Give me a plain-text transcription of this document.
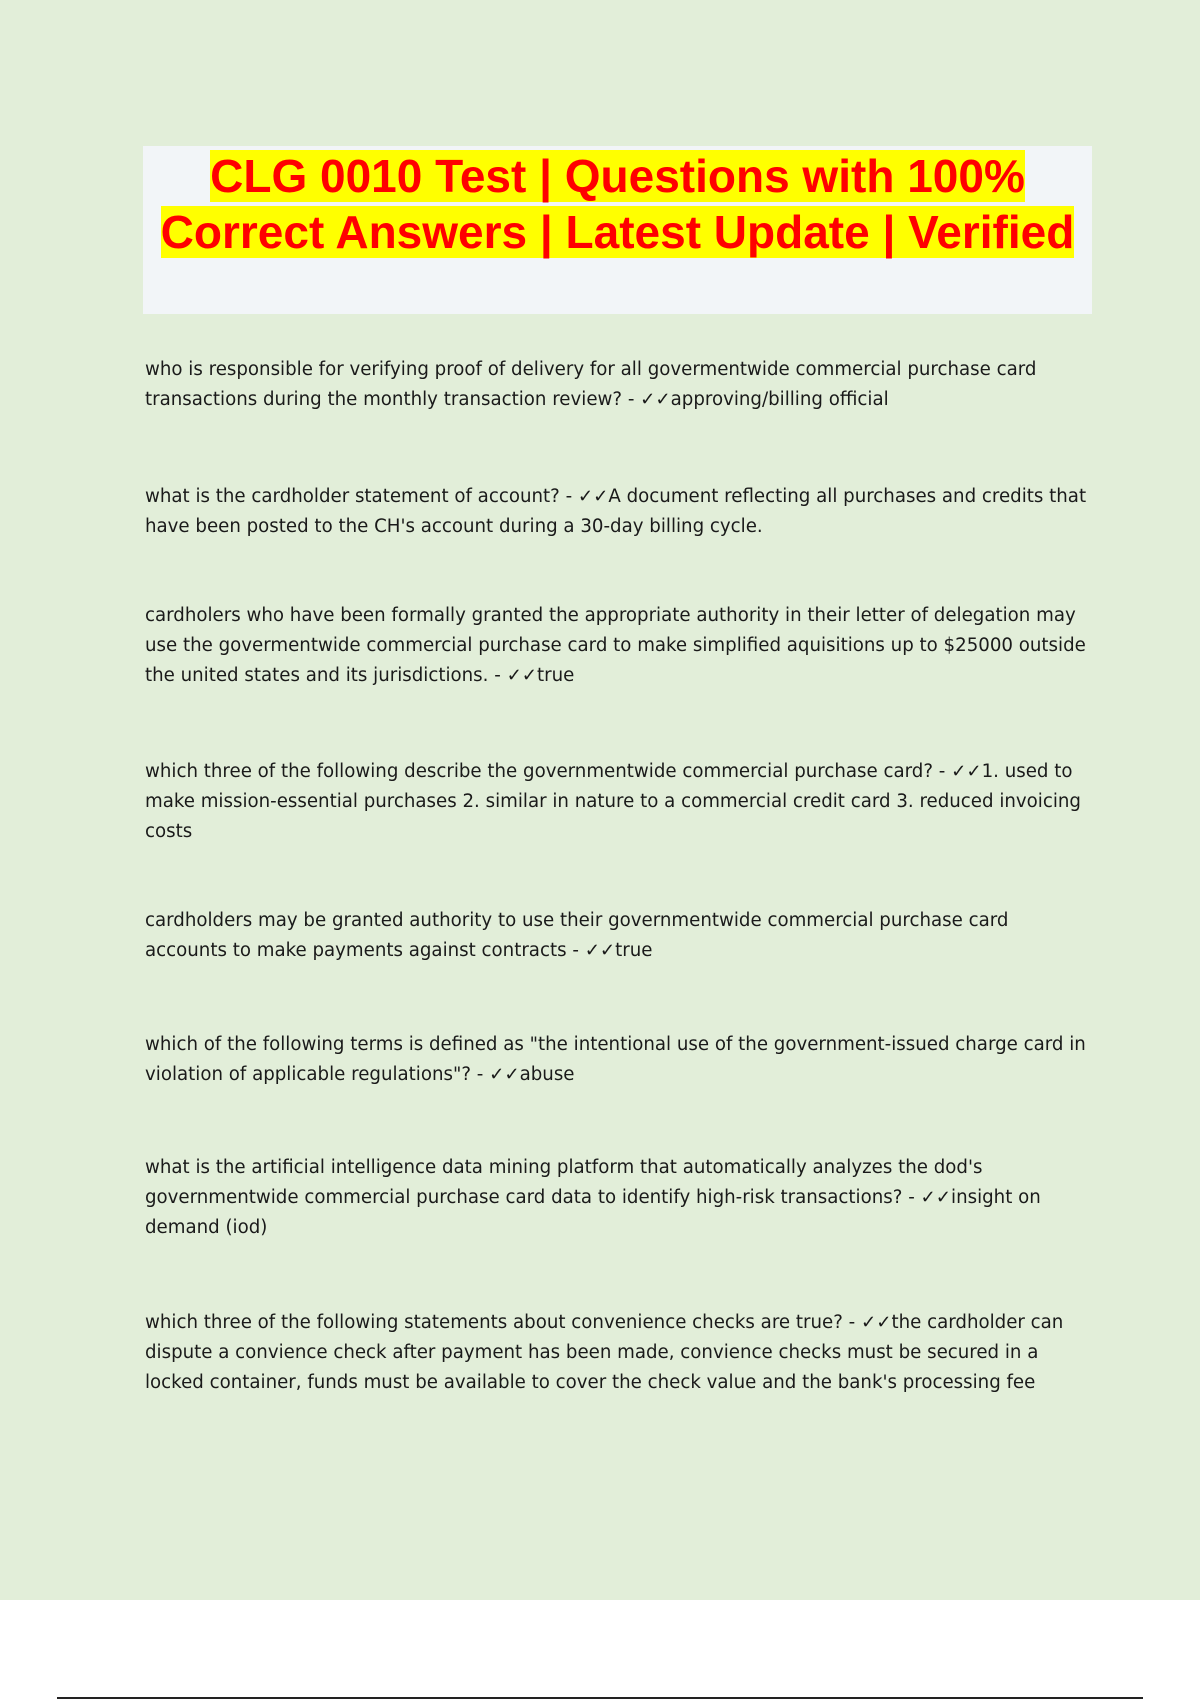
CLG 0010 Test | Questions with 100% Correct Answers | Latest Update | Verified

who is responsible for verifying proof of delivery for all govermentwide commercial purchase card transactions during the monthly transaction review? - ✓✓approving/billing official

what is the cardholder statement of account? - ✓✓A document reflecting all purchases and credits that have been posted to the CH's account during a 30-day billing cycle.

cardholers who have been formally granted the appropriate authority in their letter of delegation may use the govermentwide commercial purchase card to make simplified aquisitions up to $25000 outside the united states and its jurisdictions. - ✓✓true

which three of the following describe the governmentwide commercial purchase card? - ✓✓1. used to make mission-essential purchases 2. similar in nature to a commercial credit card 3. reduced invoicing costs

cardholders may be granted authority to use their governmentwide commercial purchase card accounts to make payments against contracts - ✓✓true

which of the following terms is defined as "the intentional use of the government-issued charge card in violation of applicable regulations"? - ✓✓abuse

what is the artificial intelligence data mining platform that automatically analyzes the dod's governmentwide commercial purchase card data to identify high-risk transactions? - ✓✓insight on demand (iod)

which three of the following statements about convenience checks are true? - ✓✓the cardholder can dispute a convience check after payment has been made, convience checks must be secured in a locked container, funds must be available to cover the check value and the bank's processing fee
